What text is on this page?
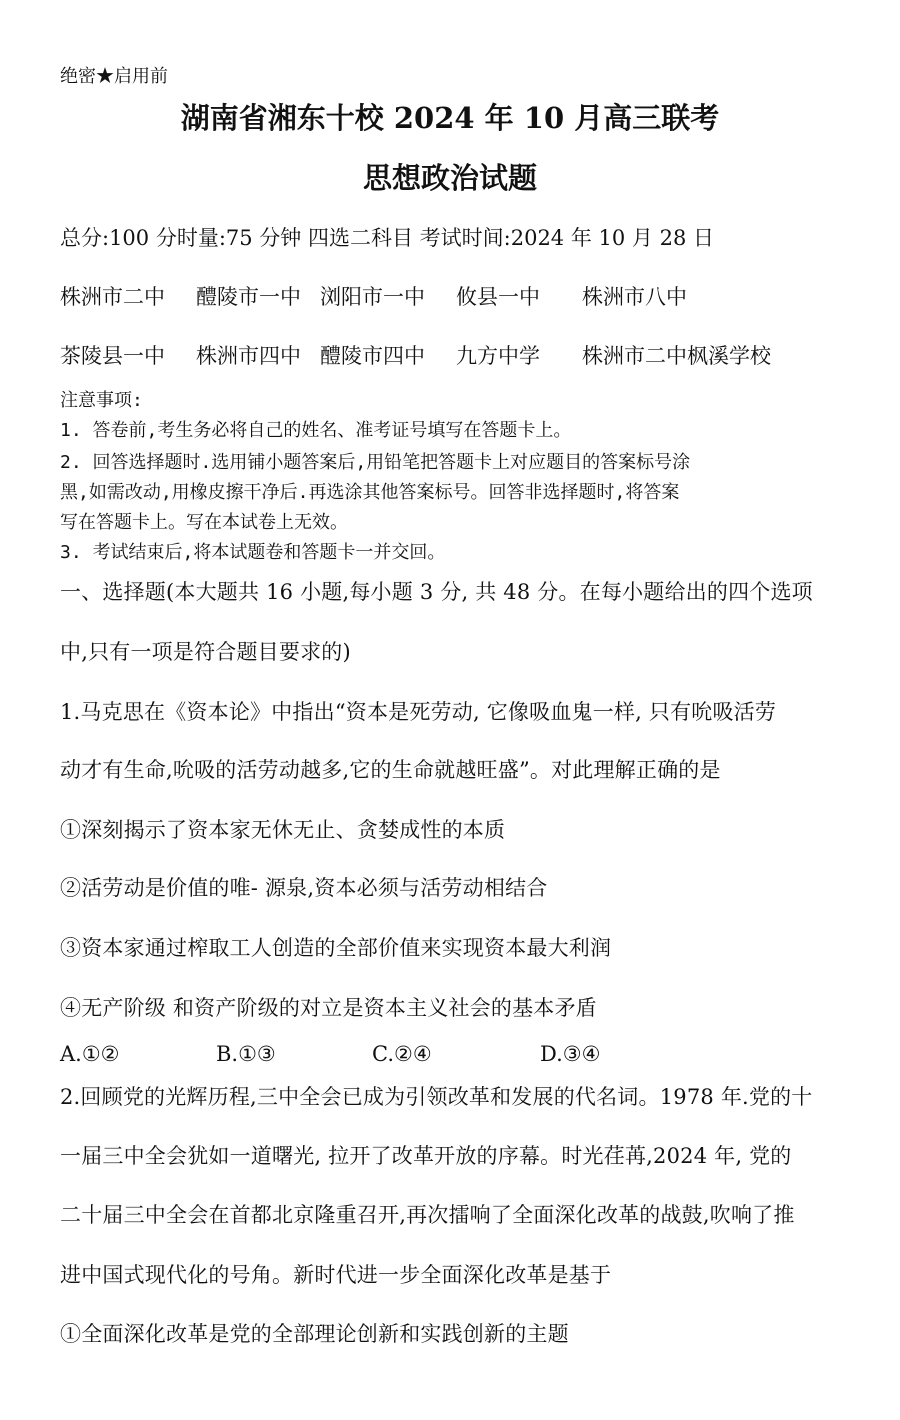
绝密★启用前
湖南省湘东十校 2024 年 10 月高三联考
思想政治试题
总分:100 分时量:75 分钟 四选二科目 考试时间:2024 年 10 月 28 日
株洲市二中 醴陵市一中 浏阳市一中 攸县一中 株洲市八中
茶陵县一中 株洲市四中 醴陵市四中 九方中学 株洲市二中枫溪学校
注意事项:
1. 答卷前,考生务必将自己的姓名、准考证号填写在答题卡上。
2. 回答选择题时.选用铺小题答案后,用铅笔把答题卡上对应题目的答案标号涂
黑,如需改动,用橡皮擦干净后.再选涂其他答案标号。回答非选择题时,将答案
写在答题卡上。写在本试卷上无效。
3. 考试结束后,将本试题卷和答题卡一并交回。
一、选择题(本大题共 16 小题,每小题 3 分, 共 48 分。在每小题给出的四个选项
中,只有一项是符合题目要求的)
1.马克思在《资本论》中指出“资本是死劳动, 它像吸血鬼一样, 只有吮吸活劳
动才有生命,吮吸的活劳动越多,它的生命就越旺盛”。对此理解正确的是
①深刻揭示了资本家无休无止、贪婪成性的本质
②活劳动是价值的唯- 源泉,资本必须与活劳动相结合
③资本家通过榨取工人创造的全部价值来实现资本最大利润
④无产阶级 和资产阶级的对立是资本主义社会的基本矛盾
A.①②	B.①③	C.②④	D.③④
2.回顾党的光辉历程,三中全会已成为引领改革和发展的代名词。1978 年.党的十
一届三中全会犹如一道曙光, 拉开了改革开放的序幕。时光荏苒,2024 年, 党的
二十届三中全会在首都北京隆重召开,再次擂响了全面深化改革的战鼓,吹响了推
进中国式现代化的号角。新时代进一步全面深化改革是基于
①全面深化改革是党的全部理论创新和实践创新的主题
